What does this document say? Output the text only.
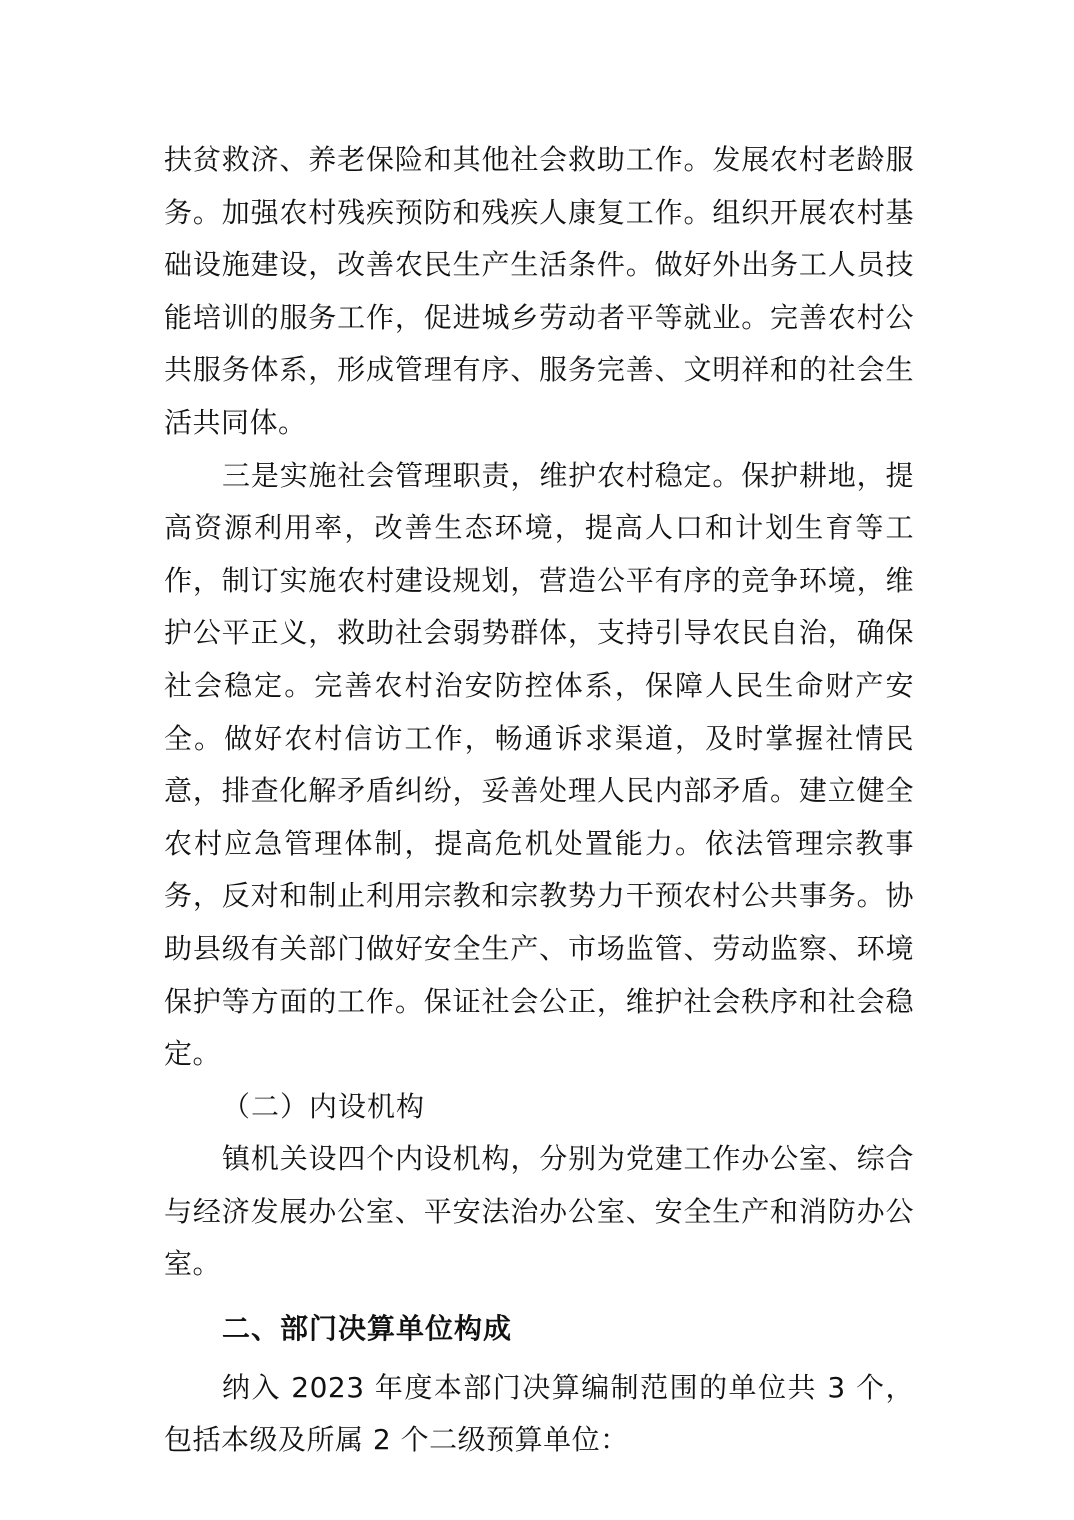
扶贫救济、养老保险和其他社会救助工作。发展农村老龄服务。加强农村残疾预防和残疾人康复工作。组织开展农村基础设施建设，改善农民生产生活条件。做好外出务工人员技能培训的服务工作，促进城乡劳动者平等就业。完善农村公共服务体系，形成管理有序、服务完善、文明祥和的社会生活共同体。

三是实施社会管理职责，维护农村稳定。保护耕地，提高资源利用率，改善生态环境，提高人口和计划生育等工作，制订实施农村建设规划，营造公平有序的竞争环境，维护公平正义，救助社会弱势群体，支持引导农民自治，确保社会稳定。完善农村治安防控体系，保障人民生命财产安全。做好农村信访工作，畅通诉求渠道，及时掌握社情民意，排查化解矛盾纠纷，妥善处理人民内部矛盾。建立健全农村应急管理体制，提高危机处置能力。依法管理宗教事务，反对和制止利用宗教和宗教势力干预农村公共事务。协助县级有关部门做好安全生产、市场监管、劳动监察、环境保护等方面的工作。保证社会公正，维护社会秩序和社会稳定。

（二）内设机构

镇机关设四个内设机构，分别为党建工作办公室、综合与经济发展办公室、平安法治办公室、安全生产和消防办公室。

二、部门决算单位构成

纳入 2023 年度本部门决算编制范围的单位共 3 个，包括本级及所属 2 个二级预算单位：
